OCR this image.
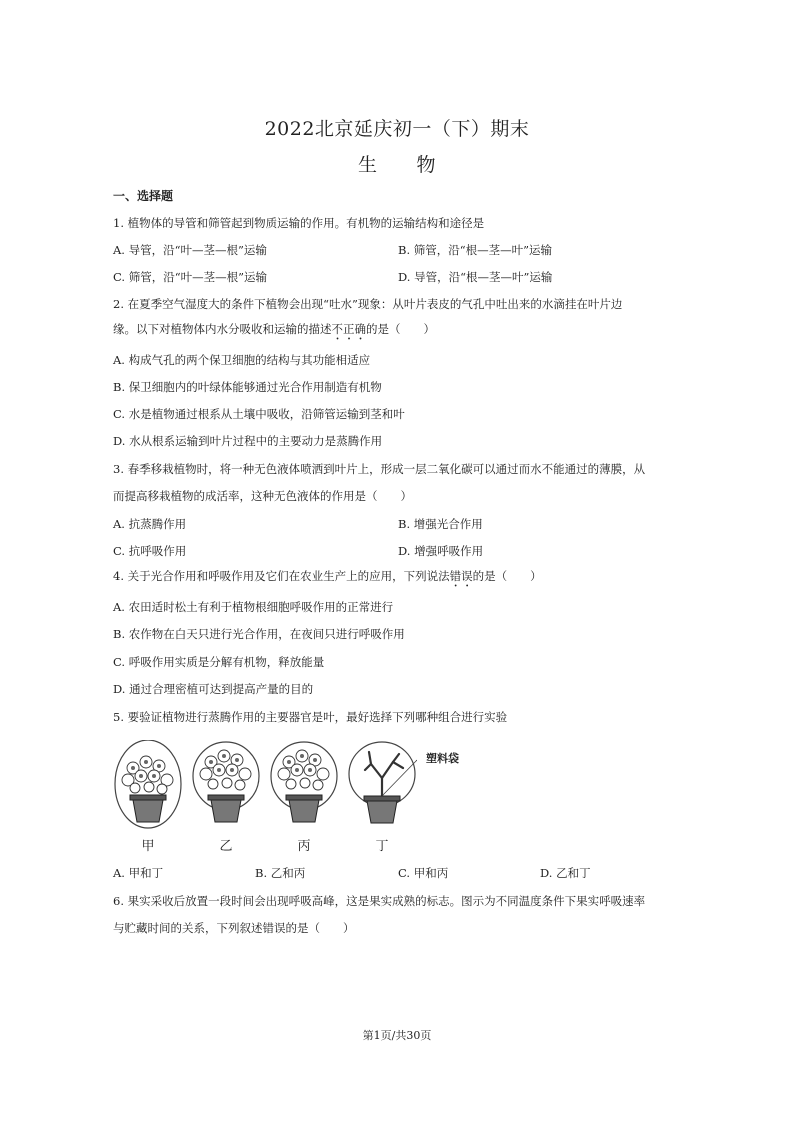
2022北京延庆初一（下）期末
生　　物
一、选择题
1. 植物体的导管和筛管起到物质运输的作用。有机物的运输结构和途径是
A. 导管，沿“叶—茎—根”运输	B. 筛管，沿“根—茎—叶”运输
C. 筛管，沿“叶—茎—根”运输	D. 导管，沿“根—茎—叶”运输
2. 在夏季空气湿度大的条件下植物会出现“吐水”现象：从叶片表皮的气孔中吐出来的水滴挂在叶片边
缘。以下对植物体内水分吸收和运输的描述不正确的是（　　）
A. 构成气孔的两个保卫细胞的结构与其功能相适应
B. 保卫细胞内的叶绿体能够通过光合作用制造有机物
C. 水是植物通过根系从土壤中吸收，沿筛管运输到茎和叶
D. 水从根系运输到叶片过程中的主要动力是蒸腾作用
3. 春季移栽植物时，将一种无色液体喷洒到叶片上，形成一层二氧化碳可以通过而水不能通过的薄膜，从
而提高移栽植物的成活率，这种无色液体的作用是（　　）
A. 抗蒸腾作用	B. 增强光合作用
C. 抗呼吸作用	D. 增强呼吸作用
4. 关于光合作用和呼吸作用及它们在农业生产上的应用，下列说法错误的是（　　）
A. 农田适时松土有利于植物根细胞呼吸作用的正常进行
B. 农作物在白天只进行光合作用，在夜间只进行呼吸作用
C. 呼吸作用实质是分解有机物，释放能量
D. 通过合理密植可达到提高产量的目的
5. 要验证植物进行蒸腾作用的主要器官是叶，最好选择下列哪种组合进行实验
塑料袋
甲	乙	丙	丁
A. 甲和丁	B. 乙和丙	C. 甲和丙	D. 乙和丁
6. 果实采收后放置一段时间会出现呼吸高峰，这是果实成熟的标志。图示为不同温度条件下果实呼吸速率
与贮藏时间的关系，下列叙述错误的是（　　）
第1页/共30页
